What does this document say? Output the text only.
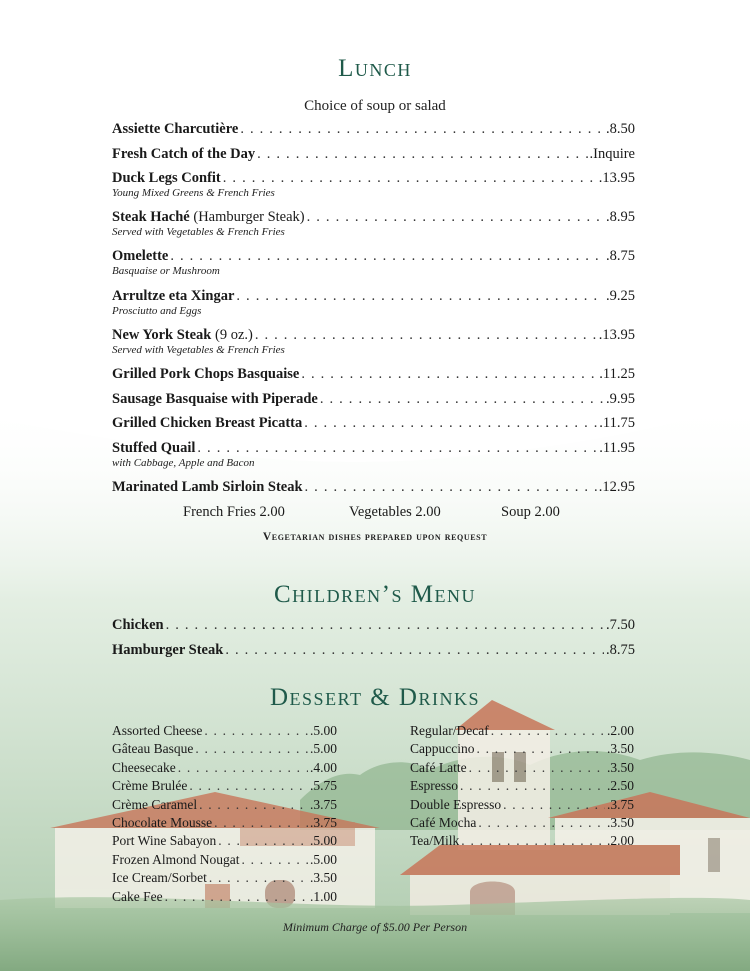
Lunch
Choice of soup or salad
Assiette Charcutière . . .	.8.50
Fresh Catch of the Day . . .	.Inquire
Duck Legs Confit . . .	.13.95
Young Mixed Greens & French Fries
Steak Haché (Hamburger Steak) . . .	.8.95
Served with Vegetables & French Fries
Omelette . . .	.8.75
Basquaise or Mushroom
Arrultze eta Xingar . . .	.9.25
Prosciutto and Eggs
New York Steak (9 oz.) . . .	.13.95
Served with Vegetables & French Fries
Grilled Pork Chops Basquaise . . .	.11.25
Sausage Basquaise with Piperade . . .	.9.95
Grilled Chicken Breast Picatta . . .	.11.75
Stuffed Quail . . .	.11.95
with Cabbage, Apple and Bacon
Marinated Lamb Sirloin Steak . . .	.12.95
French Fries 2.00	Vegetables 2.00	Soup 2.00
Vegetarian dishes prepared upon request
Children’s Menu
Chicken . . .	.7.50
Hamburger Steak . . .	.8.75
Dessert & Drinks
Assorted Cheese . . .	.5.00
Gâteau Basque . . .	.5.00
Cheesecake . . .	.4.00
Crème Brulée . . .	.5.75
Crème Caramel . . .	.3.75
Chocolate Mousse . . .	.3.75
Port Wine Sabayon . . .	.5.00
Frozen Almond Nougat . . .	.5.00
Ice Cream/Sorbet . . .	.3.50
Cake Fee . . .	.1.00
Regular/Decaf . . .	.2.00
Cappuccino . . .	.3.50
Café Latte . . .	.3.50
Espresso . . .	.2.50
Double Espresso . . .	.3.75
Café Mocha . . .	.3.50
Tea/Milk . . .	.2.00
Minimum Charge of $5.00 Per Person
